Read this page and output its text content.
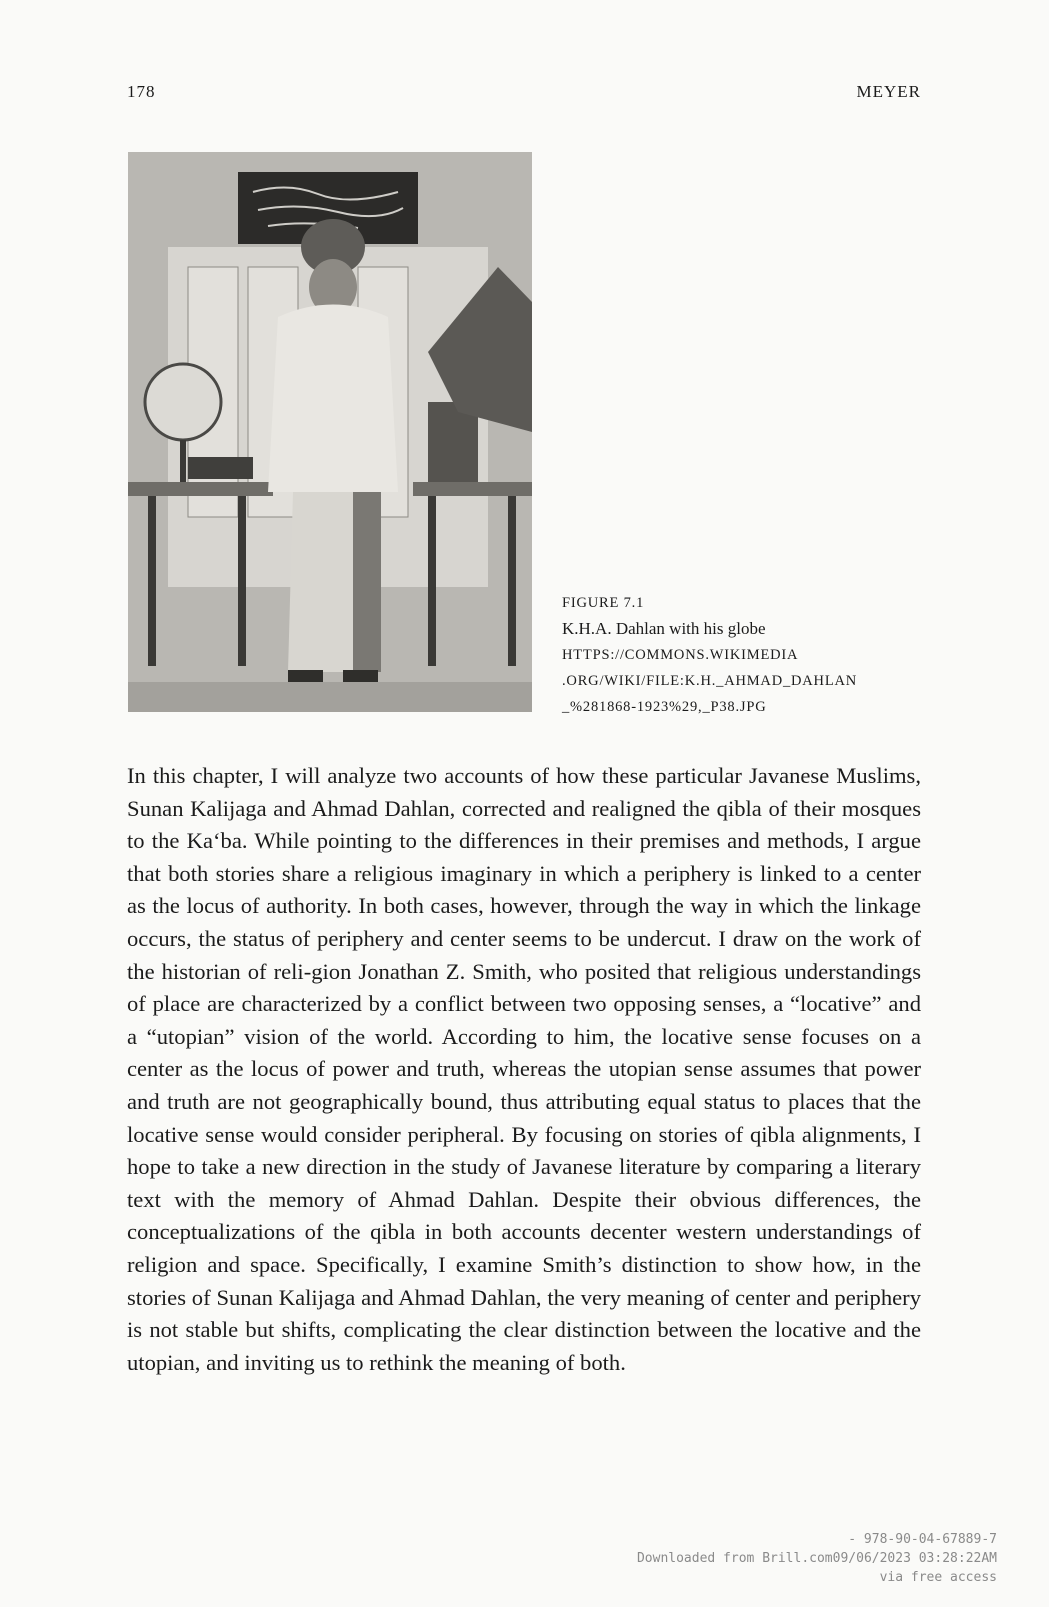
178	MEYER
FIGURE 7.1
K.H.A. Dahlan with his globe
HTTPS://COMMONS.WIKIMEDIA
.ORG/WIKI/FILE:K.H._AHMAD_DAHLAN
_%281868-1923%29,_P38.JPG

In this chapter, I will analyze two accounts of how these particular Javanese Muslims, Sunan Kalijaga and Ahmad Dahlan, corrected and realigned the qibla of their mosques to the Ka‘ba. While pointing to the differences in their premises and methods, I argue that both stories share a religious imaginary in which a periphery is linked to a center as the locus of authority. In both cases, however, through the way in which the linkage occurs, the status of periphery and center seems to be undercut. I draw on the work of the historian of reli-gion Jonathan Z. Smith, who posited that religious understandings of place are characterized by a conflict between two opposing senses, a “locative” and a “utopian” vision of the world. According to him, the locative sense focuses on a center as the locus of power and truth, whereas the utopian sense assumes that power and truth are not geographically bound, thus attributing equal status to places that the locative sense would consider peripheral. By focusing on stories of qibla alignments, I hope to take a new direction in the study of Javanese literature by comparing a literary text with the memory of Ahmad Dahlan. Despite their obvious differences, the conceptualizations of the qibla in both accounts decenter western understandings of religion and space. Specifically, I examine Smith’s distinction to show how, in the stories of Sunan Kalijaga and Ahmad Dahlan, the very meaning of center and periphery is not stable but shifts, complicating the clear distinction between the locative and the utopian, and inviting us to rethink the meaning of both.

- 978-90-04-67889-7
Downloaded from Brill.com09/06/2023 03:28:22AM
via free access
